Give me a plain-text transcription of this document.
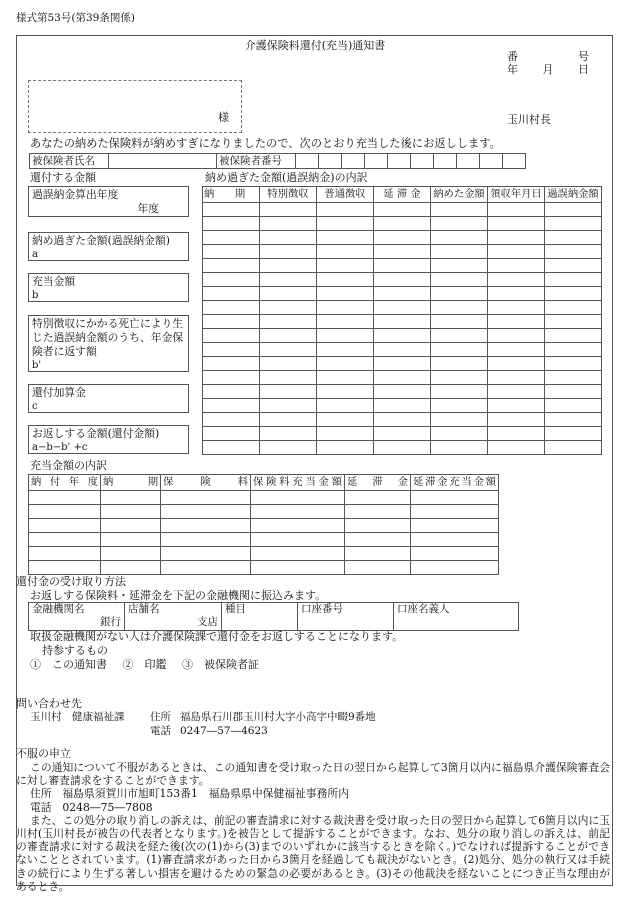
様式第53号(第39条関係)
介護保険料還付(充当)通知書
番	号
年 月 日
様	玉川村長
あなたの納めた保険料が納めすぎになりましたので、次のとおり充当した後にお返しします。
被保険者氏名		被保険者番号										
還付する金額	納め過ぎた金額(過誤納金)の内訳
過誤納金算出年度
年度
納め過ぎた金額(過誤納金額)
a
充当金額
b
特別徴収にかかる死亡により生じた過誤納金額のうち、年金保険者に返す額
b'
還付加算金
c
お返しする金額(還付金額)
a−b−b' +c
納　　期	特別徴収	普通徴収	延 滞 金	納めた金額	領収年月日	過誤納金額

充当金額の内訳
納付年度	納　　期	保　険　料	保険料充当金額	延 滞 金	延滞金充当金額

還付金の受け取り方法
お返しする保険料・延滞金を下記の金融機関に振込みます。
金融機関名
銀行

店舗名
支店

種目	口座番号	口座名義人
取扱金融機関がない人は介護保険課で還付金をお返しすることになります。
持参するもの
①　この通知書 ②　印鑑 ③　被保険者証
問い合わせ先
玉川村　健康福祉課 住所 福島県石川郡玉川村大字小高字中畷9番地
電話 0247―57―4623
不服の申立

この通知について不服があるときは、この通知書を受け取った日の翌日から起算して3箇月以内に福島県介護保険審査会に対し審査請求をすることができます。

住所　 福島県須賀川市旭町153番1　福島県県中保健福祉事務所内

電話　 0248―75―7808

また、この処分の取り消しの訴えは、前記の審査請求に対する裁決書を受け取った日の翌日から起算して6箇月以内に玉川村(玉川村長が被告の代表者となります。)を被告として提訴することができます。なお、処分の取り消しの訴えは、前記の審査請求に対する裁決を経た後(次の(1)から(3)までのいずれかに該当するときを除く。)でなければ提訴することができないこととされています。(1)審査請求があった日から3箇月を経過しても裁決がないとき。(2)処分、処分の執行又は手続きの続行により生ずる著しい損害を避けるための緊急の必要があるとき。(3)その他裁決を経ないことにつき正当な理由があるとき。
